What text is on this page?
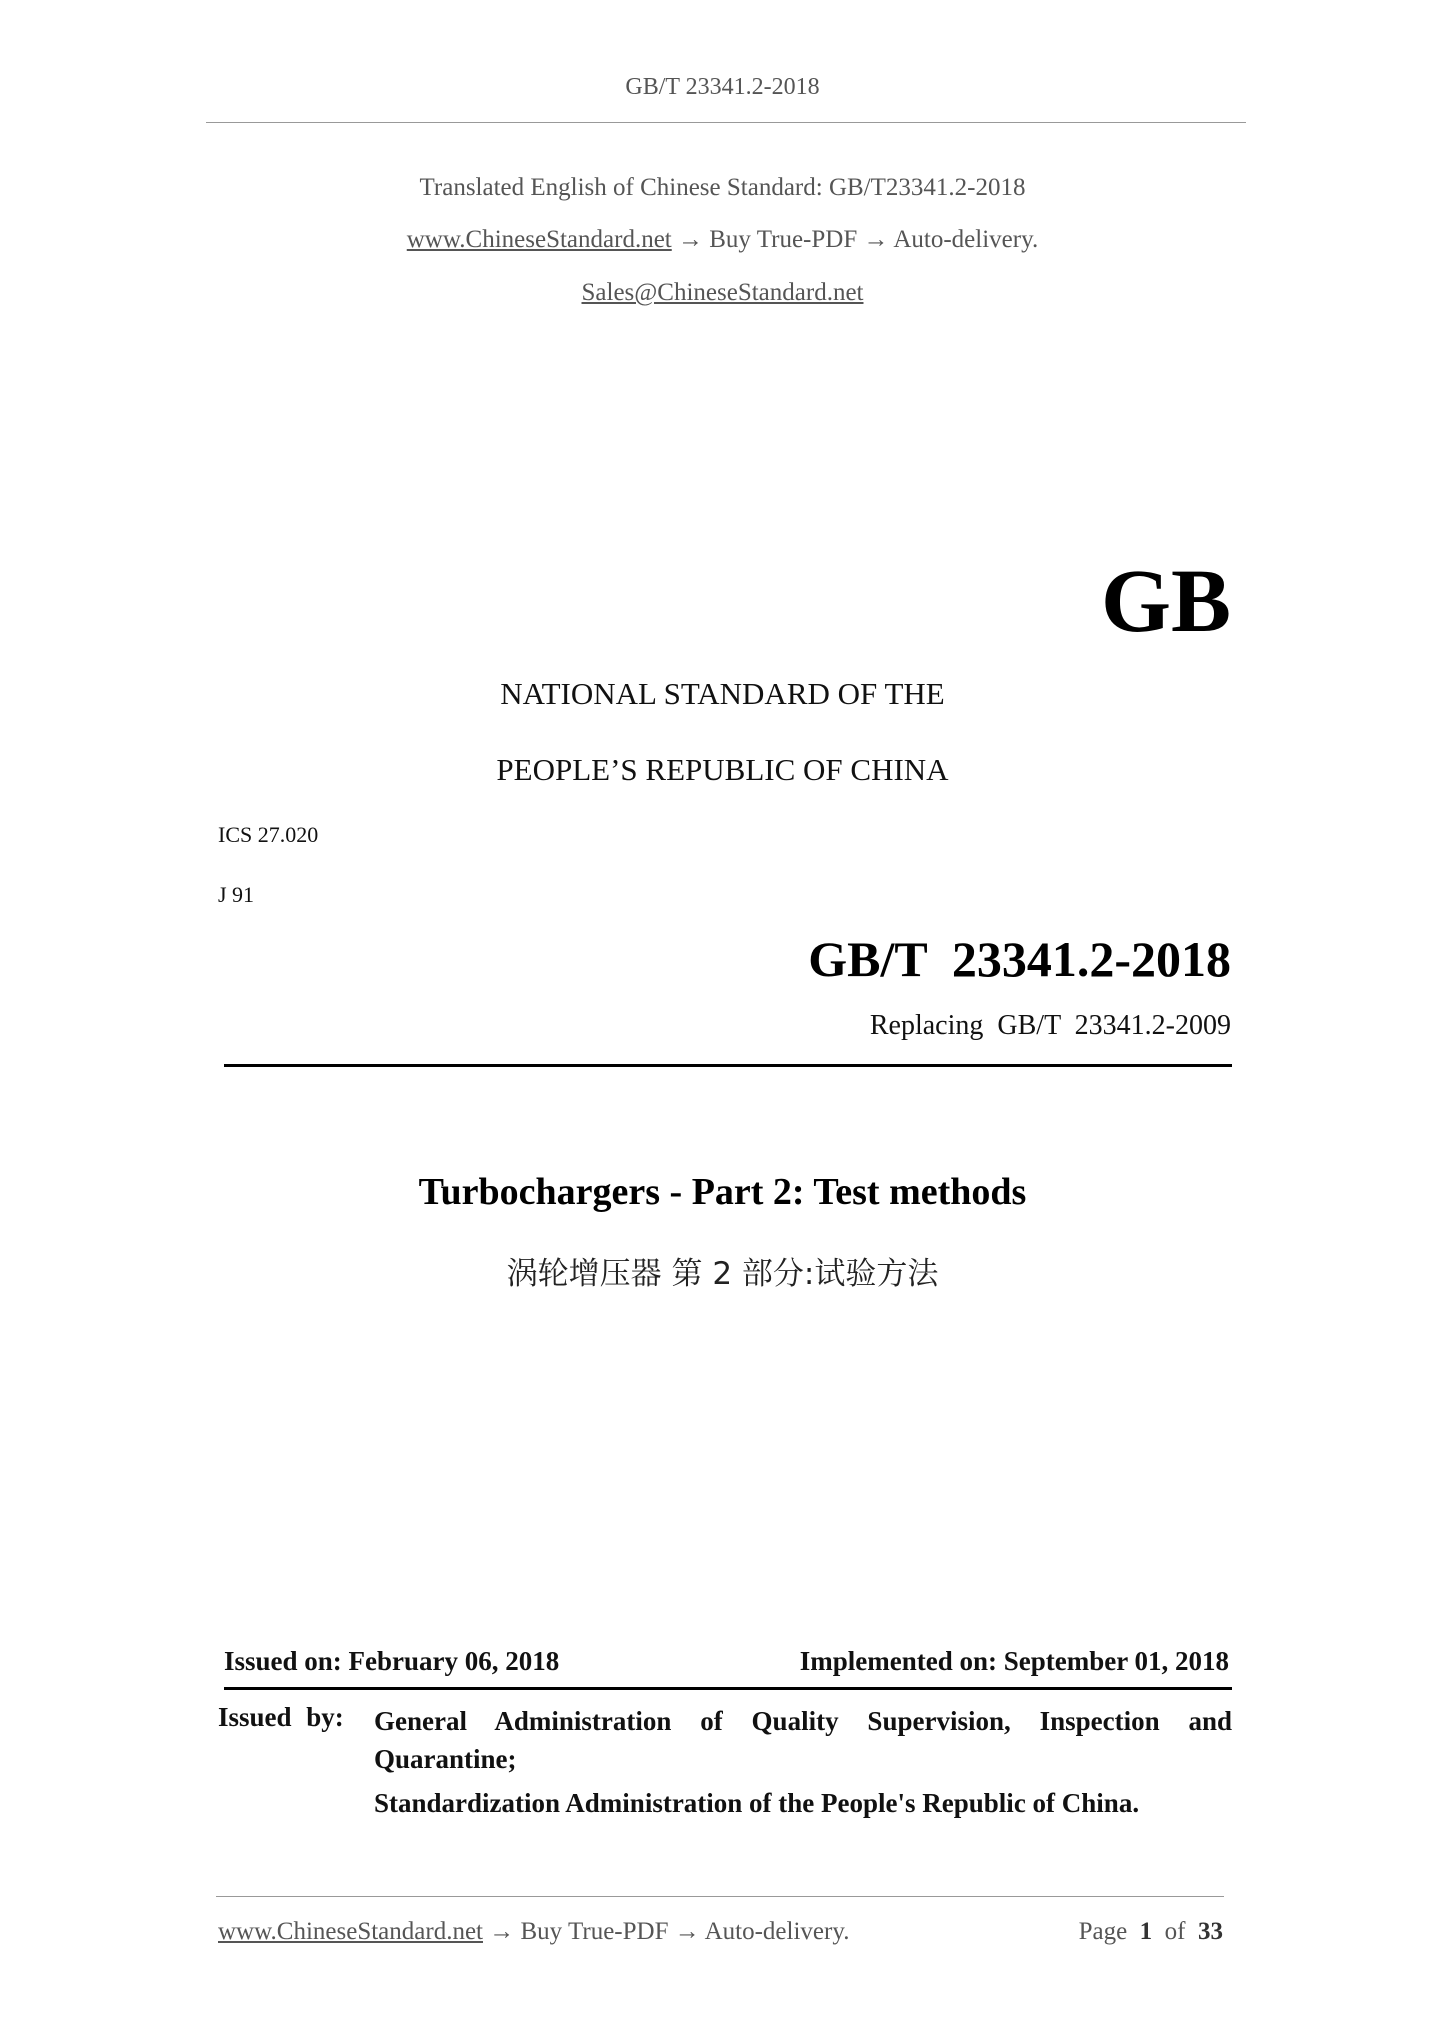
GB/T 23341.2-2018
Translated English of Chinese Standard: GB/T23341.2-2018
www.ChineseStandard.net → Buy True-PDF → Auto-delivery.
Sales@ChineseStandard.net
GB
NATIONAL STANDARD OF THE
PEOPLE’S REPUBLIC OF CHINA
ICS 27.020
J 91
GB/T  23341.2-2018
Replacing  GB/T  23341.2-2009
Turbochargers - Part 2: Test methods
涡轮增压器 第 2 部分:试验方法
Issued on: February 06, 2018	Implemented on: September 01, 2018
Issued by: General Administration of Quality Supervision, Inspection and Quarantine;
Standardization Administration of the People's Republic of China.
www.ChineseStandard.net → Buy True-PDF → Auto-delivery.	Page 1 of 33
